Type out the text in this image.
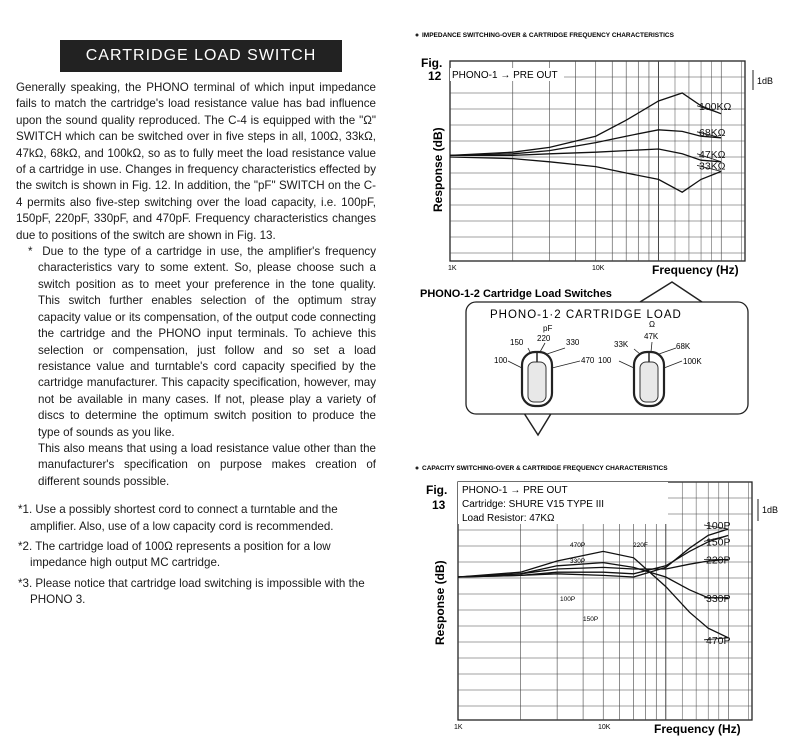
CARTRIDGE LOAD SWITCH

Generally speaking, the PHONO terminal of which input impedance fails to match the cartridge's load resistance value has bad influence upon the sound quality reproduced. The C-4 is equipped with the "Ω" SWITCH which can be switched over in five steps in all, 100Ω, 33kΩ, 47kΩ, 68kΩ, and 100kΩ, so as to fully meet the load resistance value of a cartridge in use. Changes in frequency characteristics effected by the switch is shown in Fig. 12. In addition, the "pF" SWITCH on the C-4 permits also five-step switching over the load capacity, i.e. 100pF, 150pF, 220pF, 330pF, and 470pF. Frequency characteristics changes due to positions of the switch are shown in Fig. 13.

* Due to the type of a cartridge in use, the amplifier's frequency characteristics vary to some extent. So, please choose such a switch position as to meet your preference in the tone quality. This switch further enables selection of the optimum stray capacity value or its compensation, of the output code connecting the cartridge and the PHONO input terminals. To achieve this selection or compensation, just follow and so set a load resistance value and turntable's cord capacity specified by the cartridge manufacturer. This capacity specification, however, may not be available in many cases. If not, please play a variety of discs to determine the optimum switch position to produce the type of sounds as you like.

This also means that using a load resistance value other than the manufacturer's specification on purpose makes creation of different sounds possible.

*1. Use a possibly shortest cord to connect a turntable and the amplifier. Also, use of a low capacity cord is recommended.

*2. The cartridge load of 100Ω represents a position for a low impedance high output MC cartridge.

*3. Please notice that cartridge load switching is impossible with the PHONO 3.

IMPEDANCE SWITCHING-OVER & CARTRIDGE FREQUENCY CHARACTERISTICS
Fig.
12
100KΩ
68KΩ
47KΩ
33KΩ
PHONO-1 → PRE OUT
Response (dB)
Frequency (Hz)
1K	10K
1dB
PHONO-1-2 Cartridge Load Switches
PHONO-1·2 CARTRIDGE LOAD
pF	Ω
100
150 220 330
470 100
33K
47K
68K
100K
CAPACITY SWITCHING-OVER & CARTRIDGE FREQUENCY CHARACTERISTICS
Fig.
13
100P
150P
220P
330P
470P
PHONO-1 → PRE OUT
Cartridge: SHURE V15 TYPE III
Load Resistor: 47KΩ
Response (dB)
Frequency (Hz)
1K	10K
1dB
470P	220F
330P
100P
150P
